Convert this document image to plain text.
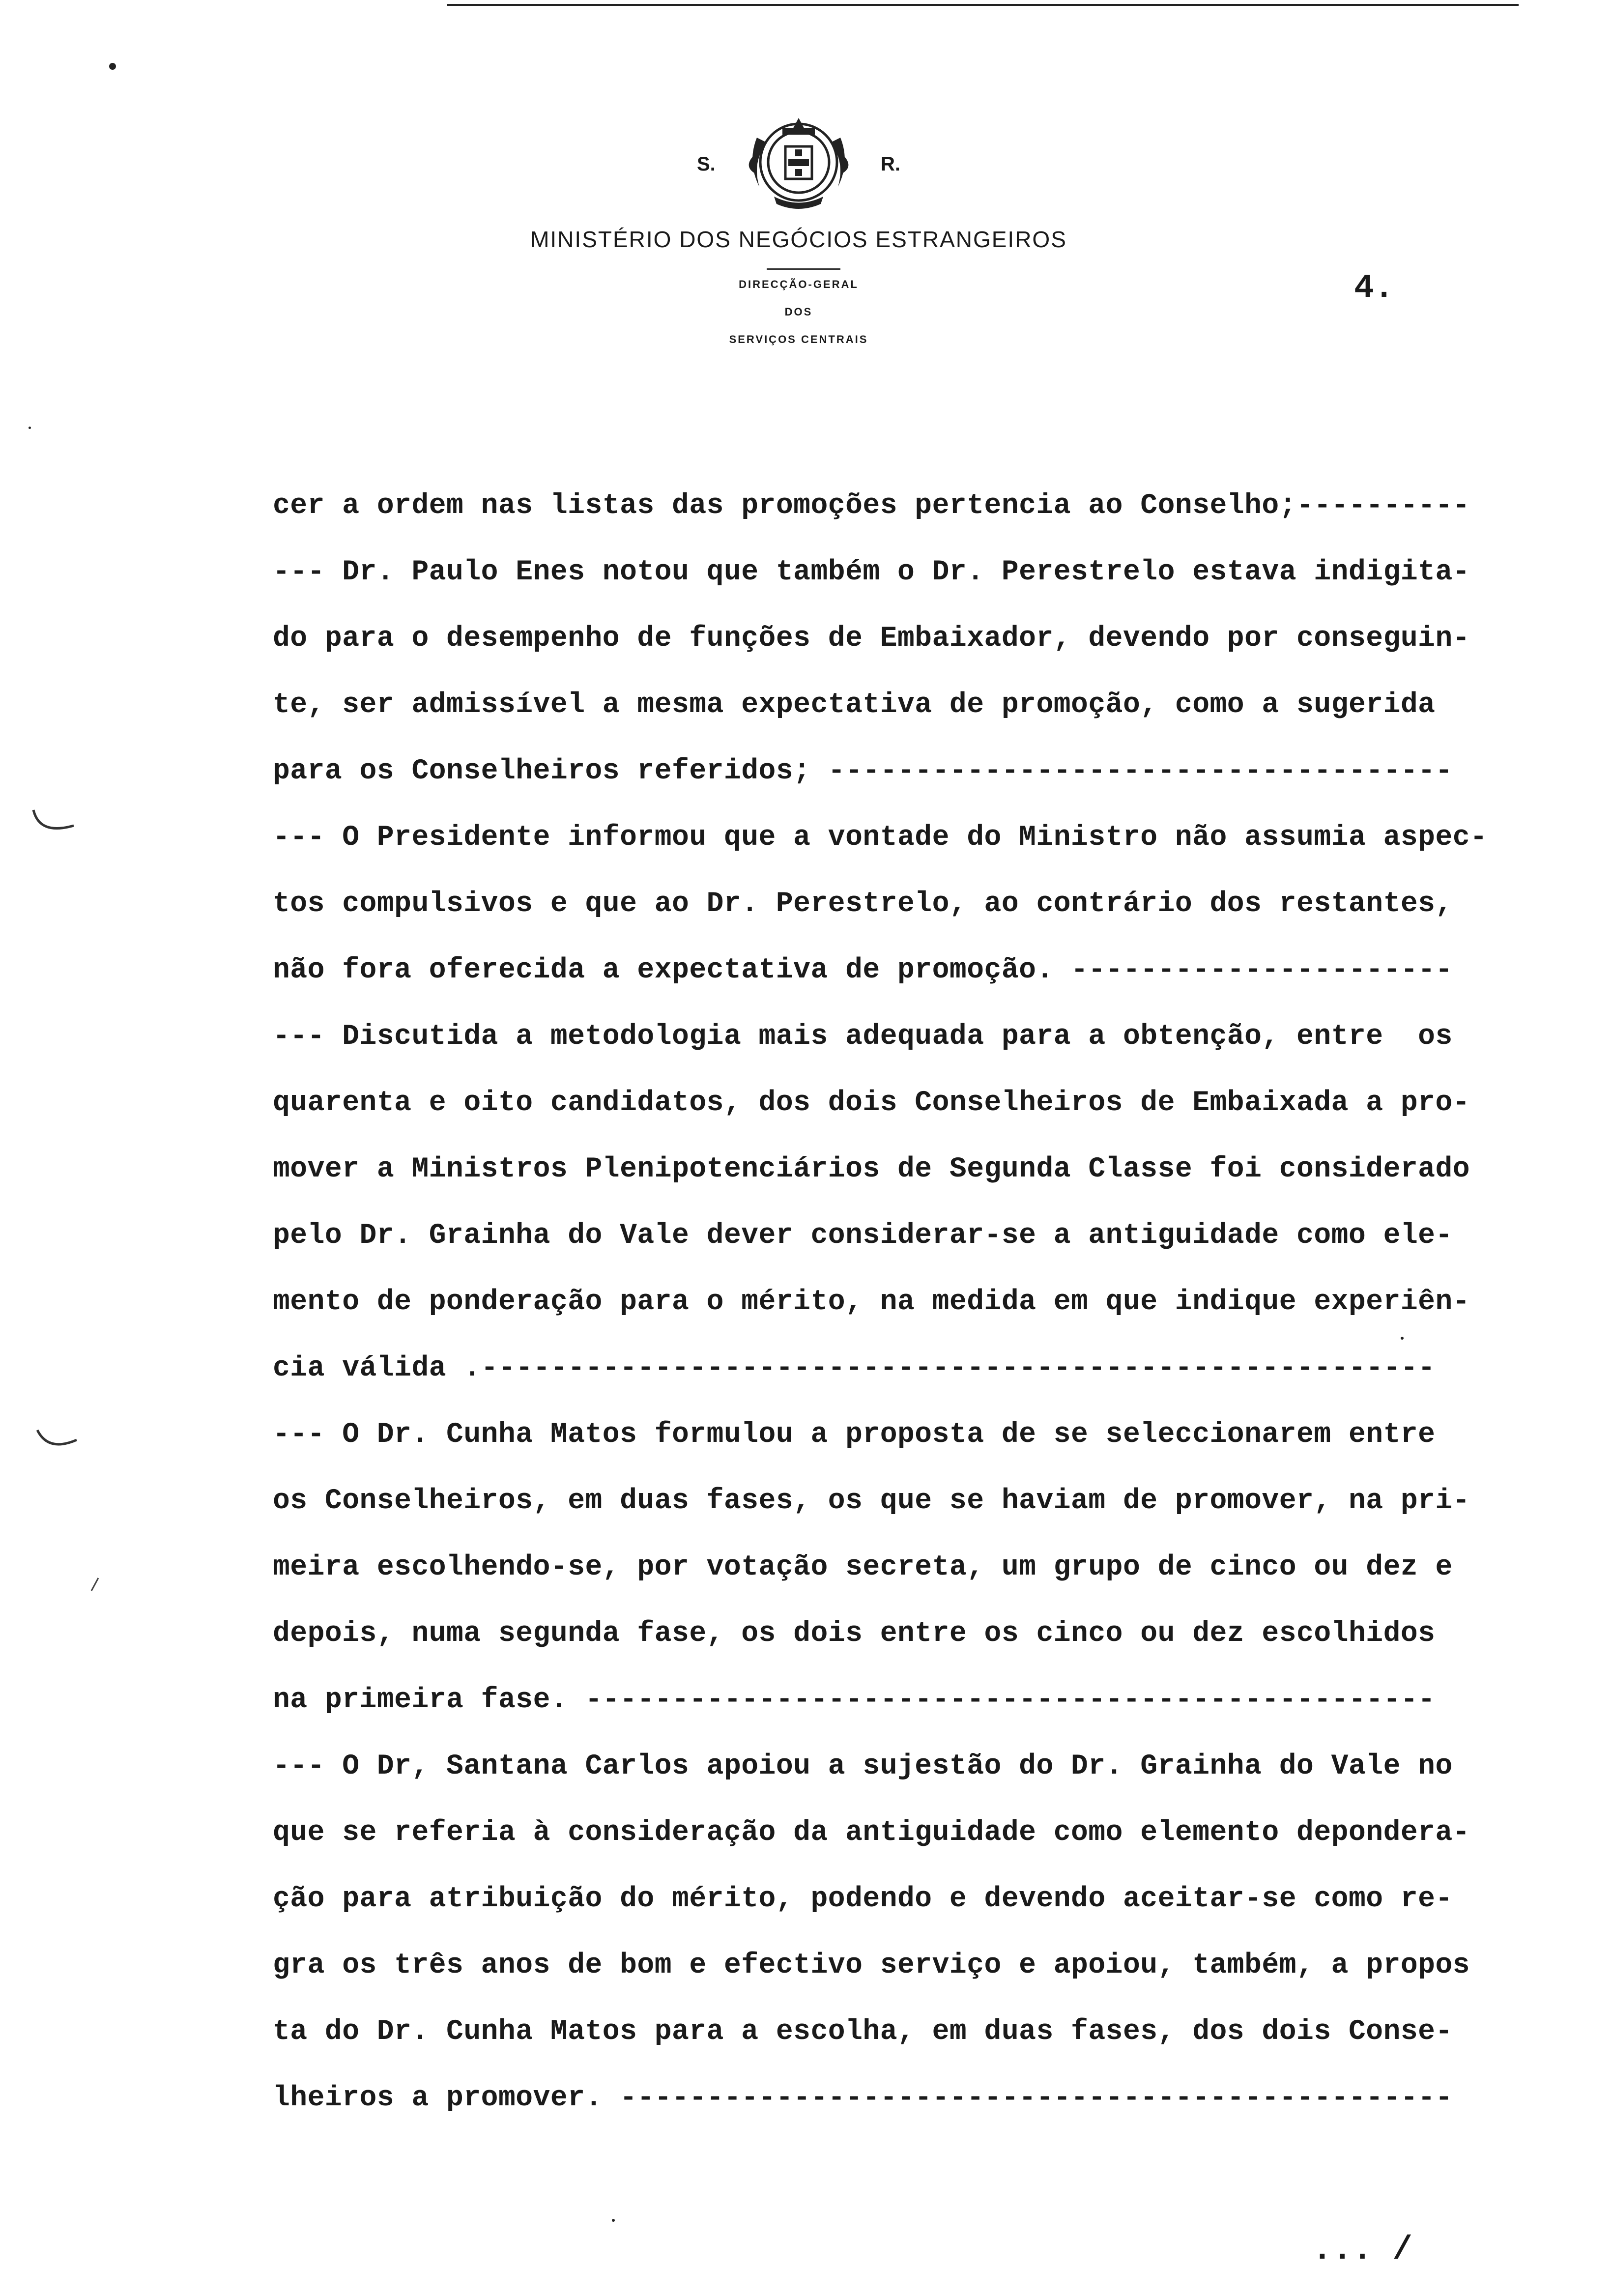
S.	R.
MINISTÉRIO DOS NEGÓCIOS ESTRANGEIROS
DIRECÇÃO-GERAL
DOS
SERVIÇOS CENTRAIS
4.
cer a ordem nas listas das promoções pertencia ao Conselho;----------
--- Dr. Paulo Enes notou que também o Dr. Perestrelo estava indigita-
do para o desempenho de funções de Embaixador, devendo por conseguin-
te, ser admissível a mesma expectativa de promoção, como a sugerida
para os Conselheiros referidos; ------------------------------------
--- O Presidente informou que a vontade do Ministro não assumia aspec-
tos compulsivos e que ao Dr. Perestrelo, ao contrário dos restantes,
não fora oferecida a expectativa de promoção. ----------------------
--- Discutida a metodologia mais adequada para a obtenção, entre  os
quarenta e oito candidatos, dos dois Conselheiros de Embaixada a pro-
mover a Ministros Plenipotenciários de Segunda Classe foi considerado
pelo Dr. Grainha do Vale dever considerar-se a antiguidade como ele-
mento de ponderação para o mérito, na medida em que indique experiên-
cia válida .-------------------------------------------------------
--- O Dr. Cunha Matos formulou a proposta de se seleccionarem entre
os Conselheiros, em duas fases, os que se haviam de promover, na pri-
meira escolhendo-se, por votação secreta, um grupo de cinco ou dez e
depois, numa segunda fase, os dois entre os cinco ou dez escolhidos
na primeira fase. -------------------------------------------------
--- O Dr, Santana Carlos apoiou a sujestão do Dr. Grainha do Vale no
que se referia à consideração da antiguidade como elemento deponderа-
ção para atribuição do mérito, podendo e devendo aceitar-se como re-
gra os três anos de bom e efectivo serviço e apoiou, também, a propos
ta do Dr. Cunha Matos para a escolha, em duas fases, dos dois Conse-
lheiros a promover. ------------------------------------------------
... /
